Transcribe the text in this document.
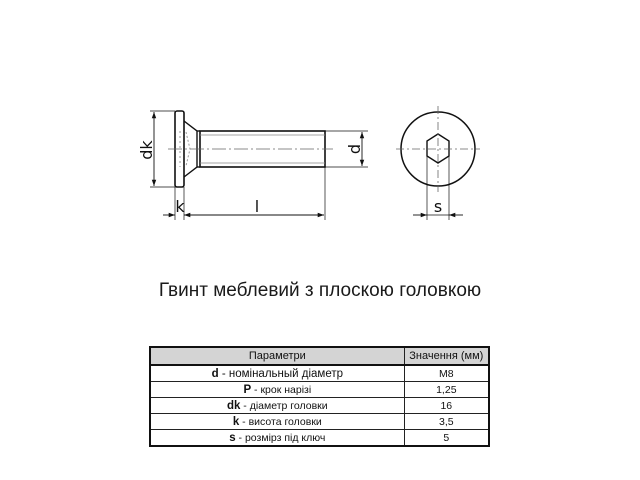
dk	d
k	l	s
Гвинт меблевий з плоскою головкою
Параметри	Значення (мм)
d - номінальный діаметр	M8
P - крок нарізі	1,25
dk - діаметр головки	16
k - висота головки	3,5
s - розмірз під ключ	5
